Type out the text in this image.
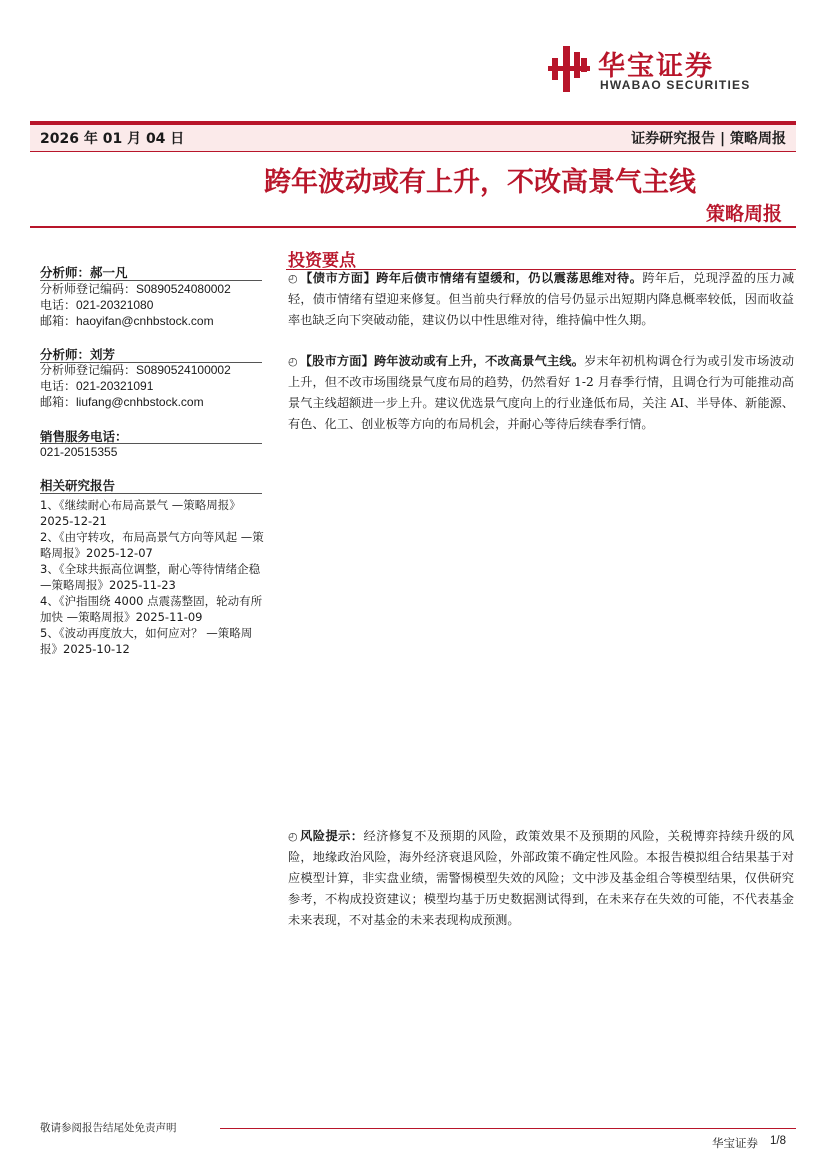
华宝证券
HWABAO SECURITIES
2026 年 01 月 04 日	证券研究报告 | 策略周报
跨年波动或有上升，不改高景气主线
策略周报
分析师：郝一凡
分析师登记编码：S0890524080002
电话：021-20321080
邮箱：haoyifan@cnhbstock.com
分析师：刘芳
分析师登记编码：S0890524100002
电话：021-20321091
邮箱：liufang@cnhbstock.com
销售服务电话：
021-20515355
相关研究报告

1、《继续耐心布局高景气 —策略周报》2025-12-21

2、《由守转攻，布局高景气方向等风起 —策略周报》2025-12-07

3、《全球共振高位调整，耐心等待情绪企稳 —策略周报》2025-11-23

4、《沪指围绕 4000 点震荡整固，轮动有所加快 —策略周报》2025-11-09

5、《波动再度放大，如何应对？ —策略周报》2025-10-12

投资要点
◴ 【债市方面】跨年后债市情绪有望缓和，仍以震荡思维对待。跨年后，兑现浮盈的压力减轻，债市情绪有望迎来修复。但当前央行释放的信号仍显示出短期内降息概率较低，因而收益率也缺乏向下突破动能，建议仍以中性思维对待，维持偏中性久期。
◴ 【股市方面】跨年波动或有上升，不改高景气主线。岁末年初机构调仓行为或引发市场波动上升，但不改市场围绕景气度布局的趋势，仍然看好 1-2 月春季行情，且调仓行为可能推动高景气主线超额进一步上升。建议优选景气度向上的行业逢低布局，关注 AI、半导体、新能源、有色、化工、创业板等方向的布局机会，并耐心等待后续春季行情。
◴ 风险提示：经济修复不及预期的风险，政策效果不及预期的风险，关税博弈持续升级的风险，地缘政治风险，海外经济衰退风险，外部政策不确定性风险。本报告模拟组合结果基于对应模型计算，非实盘业绩，需警惕模型失效的风险；文中涉及基金组合等模型结果，仅供研究参考，不构成投资建议；模型均基于历史数据测试得到，在未来存在失效的可能，不代表基金未来表现，不对基金的未来表现构成预测。
敬请参阅报告结尾处免责声明
华宝证券 1/8
